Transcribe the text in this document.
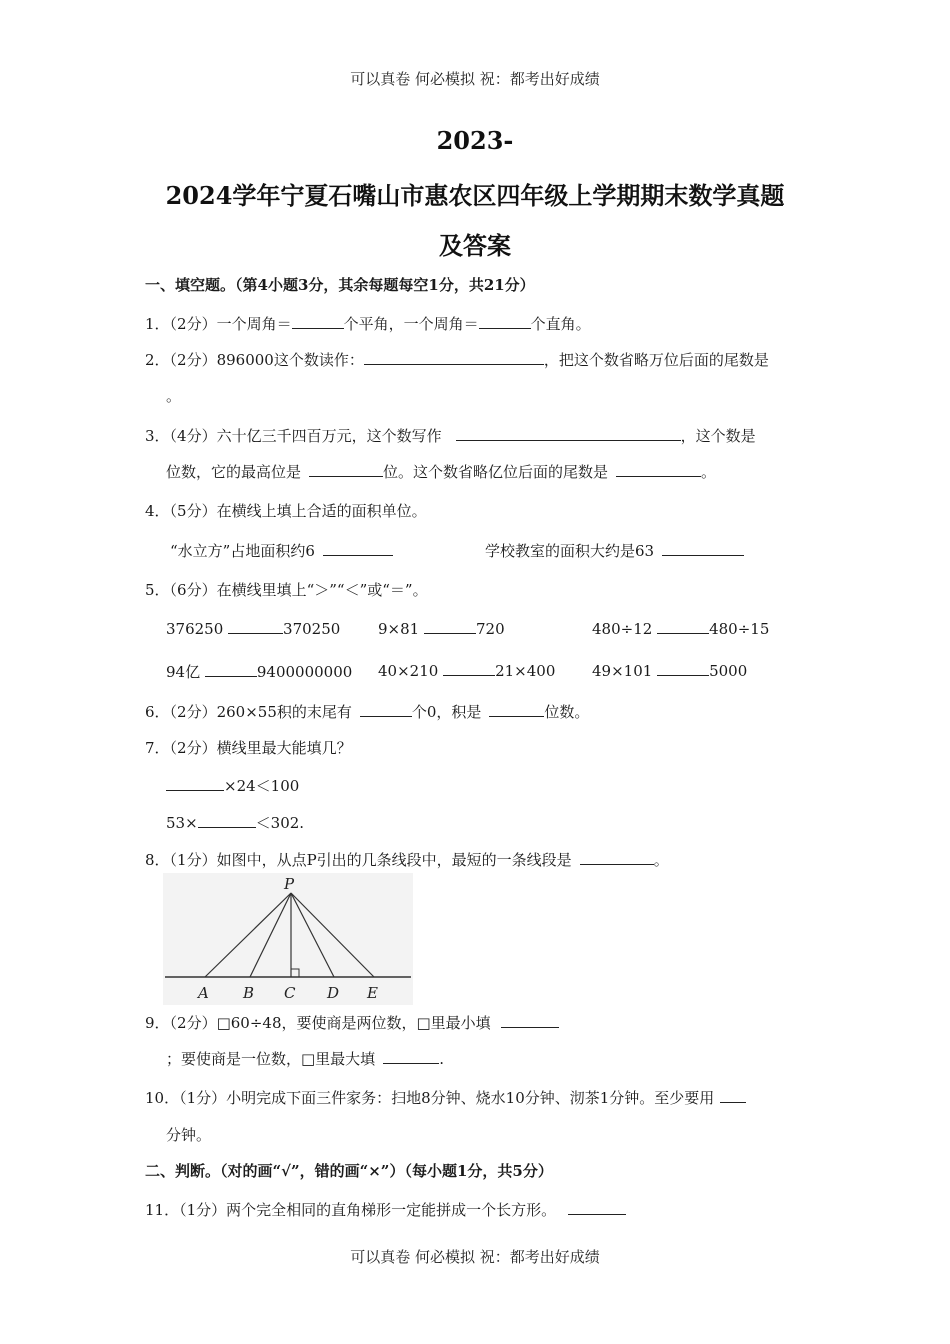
可以真卷 何必模拟 祝：都考出好成绩
2023-
2024学年宁夏石嘴山市惠农区四年级上学期期末数学真题
及答案
一、填空题。（第4小题3分，其余每题每空1分，共21分）
1．（2分）一个周角＝	个平角，一个周角＝	个直角。
2．（2分）896000这个数读作：	，把这个数省略万位后面的尾数是
。
3．（4分）六十亿三千四百万元，这个数写作	，这个数是
位数，它的最高位是	位。这个数省略亿位后面的尾数是	。
4．（5分）在横线上填上合适的面积单位。
“水立方”占地面积约6	学校教室的面积大约是63
5．（6分）在横线里填上“＞”“＜”或“＝”。
376250	370250	9×81	720	480÷12	480÷15
94亿	9400000000 40×210	21×400 49×101	5000
6．（2分）260×55积的末尾有	个0，积是	位数。
7．（2分）横线里最大能填几？
×24＜100
53×	＜302.
8．（1分）如图中，从点P引出的几条线段中，最短的一条线段是	。
P
A B C D E
9．（2分）□60÷48，要使商是两位数，□里最小填
；要使商是一位数，□里最大填	.
10．（1分）小明完成下面三件家务：扫地8分钟、烧水10分钟、沏茶1分钟。至少要用
分钟。
二、判断。（对的画“√”，错的画“×”）（每小题1分，共5分）
11．（1分）两个完全相同的直角梯形一定能拼成一个长方形。
可以真卷 何必模拟 祝：都考出好成绩
